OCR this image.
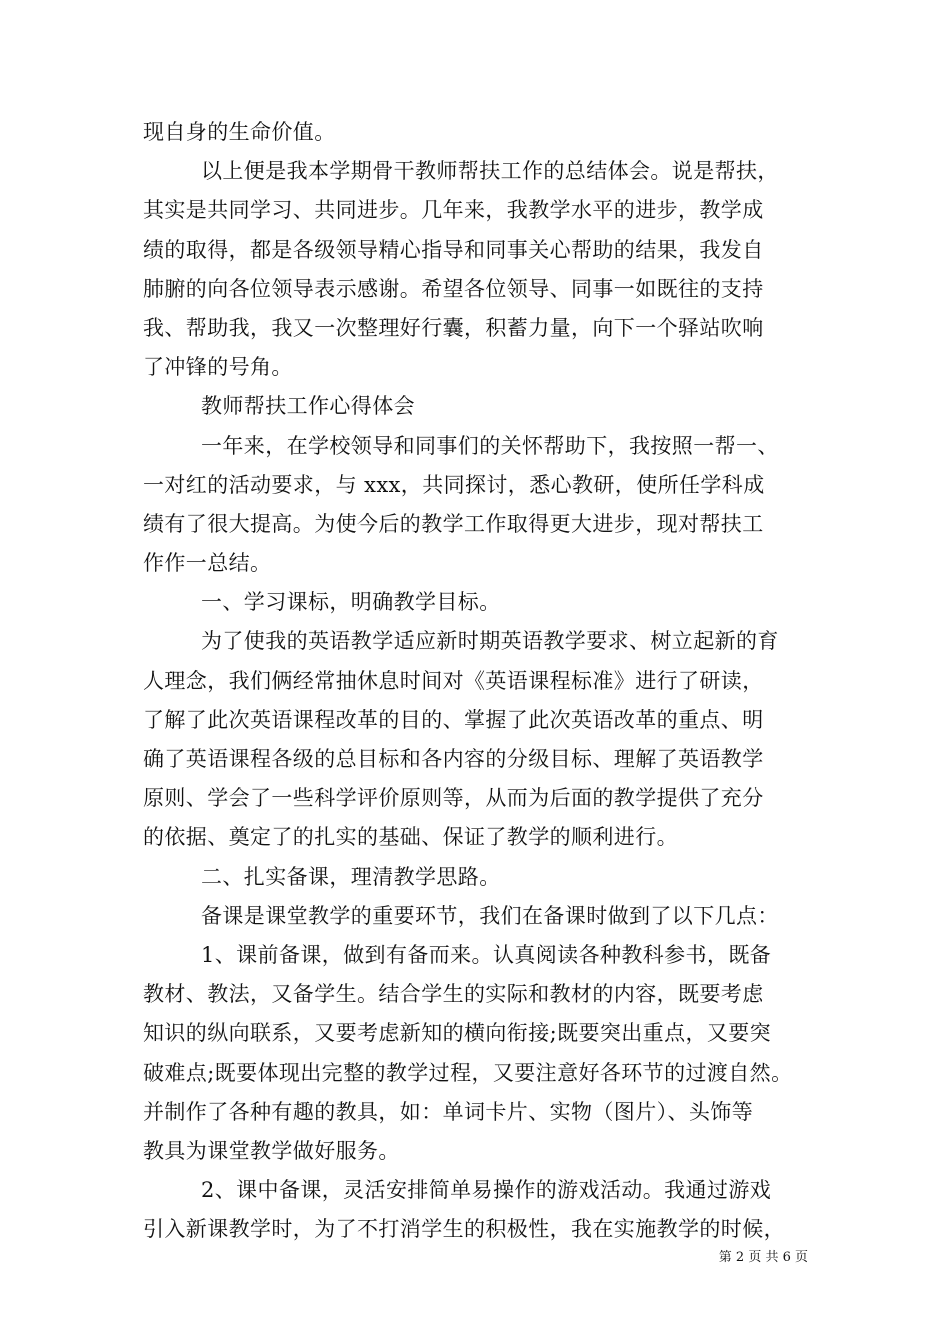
现自身的生命价值。
以上便是我本学期骨干教师帮扶工作的总结体会。说是帮扶，
其实是共同学习、共同进步。几年来，我教学水平的进步，教学成
绩的取得，都是各级领导精心指导和同事关心帮助的结果，我发自
肺腑的向各位领导表示感谢。希望各位领导、同事一如既往的支持
我、帮助我，我又一次整理好行囊，积蓄力量，向下一个驿站吹响
了冲锋的号角。
教师帮扶工作心得体会
一年来，在学校领导和同事们的关怀帮助下，我按照一帮一、
一对红的活动要求，与 xxx，共同探讨，悉心教研，使所任学科成
绩有了很大提高。为使今后的教学工作取得更大进步，现对帮扶工
作作一总结。
一、学习课标，明确教学目标。
为了使我的英语教学适应新时期英语教学要求、树立起新的育
人理念，我们俩经常抽休息时间对《英语课程标准》进行了研读，
了解了此次英语课程改革的目的、掌握了此次英语改革的重点、明
确了英语课程各级的总目标和各内容的分级目标、理解了英语教学
原则、学会了一些科学评价原则等，从而为后面的教学提供了充分
的依据、奠定了的扎实的基础、保证了教学的顺利进行。
二、扎实备课，理清教学思路。
备课是课堂教学的重要环节，我们在备课时做到了以下几点：
1、课前备课，做到有备而来。认真阅读各种教科参书，既备
教材、教法，又备学生。结合学生的实际和教材的内容，既要考虑
知识的纵向联系，又要考虑新知的横向衔接;既要突出重点，又要突
破难点;既要体现出完整的教学过程，又要注意好各环节的过渡自然。
并制作了各种有趣的教具，如：单词卡片、实物（图片）、头饰等
教具为课堂教学做好服务。
2、课中备课，灵活安排简单易操作的游戏活动。我通过游戏
引入新课教学时，为了不打消学生的积极性，我在实施教学的时候，
第 2 页 共 6 页
